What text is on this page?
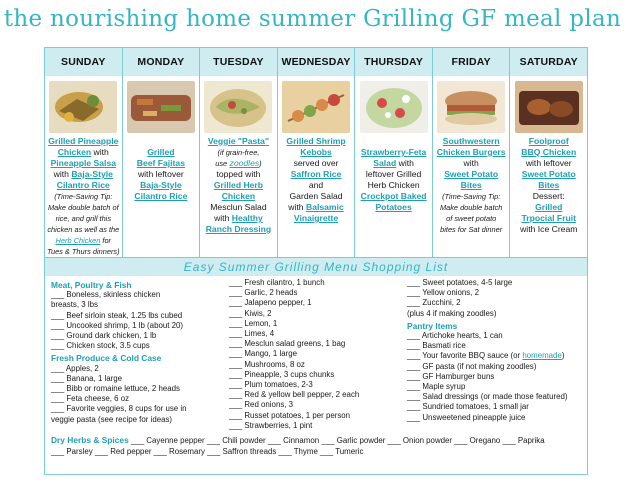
the nourishing home summer Grilling GF meal plan
SUNDAY
Grilled Pineapple
Chicken with
Pineapple Salsa with Baja-Style
Cilantro Rice
(Time-Saving Tip:
Make double batch of
rice, and grill this
chicken as well as the
Herb Chicken for
Tues & Thurs dinners)
MONDAY

Grilled
Beef Fajitas
with leftover
Baja-Style
Cilantro Rice
TUESDAY
Veggie "Pasta"
(if grain-free,
use zoodles)
topped with
Grilled Herb
Chicken
Mesclun Salad
with Healthy
Ranch Dressing
WEDNESDAY
Grilled Shrimp
Kebobs
served over
Saffron Rice
and
Garden Salad
with Balsamic
Vinaigrette
THURSDAY

Strawberry-Feta
Salad with
leftover Grilled
Herb Chicken
Crockpot Baked
Potatoes
FRIDAY
Southwestern
Chicken Burgers
with
Sweet Potato
Bites
(Time-Saving Tip:
Make double batch
of sweet potato
bites for Sat dinner
SATURDAY
Foolproof
BBQ Chicken
with leftover
Sweet Potato
Bites
Dessert:
Grilled
Trpocial Fruit
with Ice Cream
Easy Summer Grilling Menu Shopping List
Meat, Poultry & Fish
___ Boneless, skinless chicken
breasts, 3 lbs
___ Beef sirloin steak, 1.25 lbs cubed
___ Uncooked shrimp, 1 lb (about 20)
___ Ground dark chicken, 1 lb
___ Chicken stock, 3.5 cups
Fresh Produce & Cold Case
___ Apples, 2
___ Banana, 1 large
___ Bibb or romaine lettuce, 2 heads
___ Feta cheese, 6 oz
___ Favorite veggies, 8 cups for use in
veggie pasta (see recipe for ideas)
___ Fresh cilantro, 1 bunch
___ Garlic, 2 heads
___ Jalapeno pepper, 1
___ Kiwis, 2
___ Lemon, 1
___ Limes, 4
___ Mesclun salad greens, 1 bag
___ Mango, 1 large
___ Mushrooms, 8 oz
___ Pineapple, 3 cups chunks
___ Plum tomatoes, 2-3
___ Red & yellow bell pepper, 2 each
___ Red onions, 3
___ Russet potatoes, 1 per person
___ Strawberries, 1 pint
___ Sweet potatoes, 4-5 large
___ Yellow onions, 2
___ Zucchini, 2
(plus 4 if making zoodles)
Pantry Items
___ Artichoke hearts, 1 can
___ Basmati rice
___ Your favorite BBQ sauce (or homemade)
___ GF pasta (if not making zoodles)
___ GF Hamburger buns
___ Maple syrup
___ Salad dressings (or made those featured)
___ Sundried tomatoes, 1 small jar
___ Unsweetened pineapple juice
Dry Herbs & Spices ___ Cayenne pepper ___ Chili powder ___ Cinnamon ___ Garlic powder ___ Onion powder ___ Oregano ___ Paprika
___ Parsley ___ Red pepper ___ Rosemary ___ Saffron threads ___ Thyme ___ Tumeric
